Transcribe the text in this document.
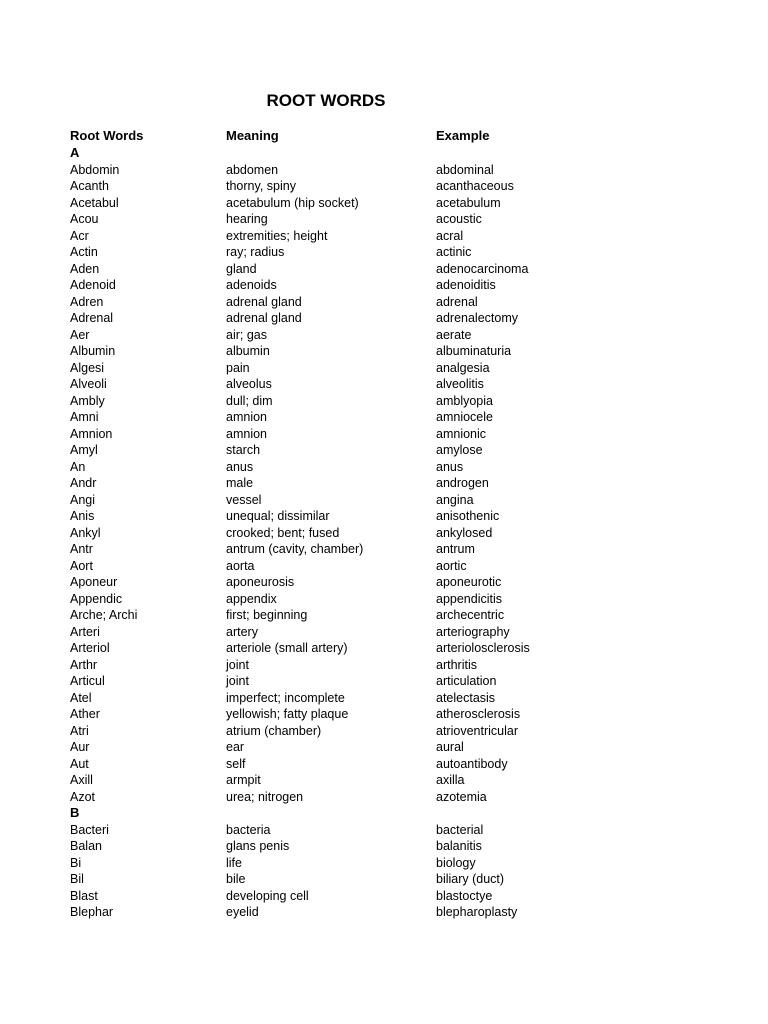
ROOT WORDS
Root Words	Meaning	Example
A
Abdomin	abdomen	abdominal
Acanth	thorny, spiny	acanthaceous
Acetabul	acetabulum (hip socket)	acetabulum
Acou	hearing	acoustic
Acr	extremities; height	acral
Actin	ray; radius	actinic
Aden	gland	adenocarcinoma
Adenoid	adenoids	adenoiditis
Adren	adrenal gland	adrenal
Adrenal	adrenal gland	adrenalectomy
Aer	air; gas	aerate
Albumin	albumin	albuminaturia
Algesi	pain	analgesia
Alveoli	alveolus	alveolitis
Ambly	dull; dim	amblyopia
Amni	amnion	amniocele
Amnion	amnion	amnionic
Amyl	starch	amylose
An	anus	anus
Andr	male	androgen
Angi	vessel	angina
Anis	unequal; dissimilar	anisothenic
Ankyl	crooked; bent; fused	ankylosed
Antr	antrum (cavity, chamber)	antrum
Aort	aorta	aortic
Aponeur	aponeurosis	aponeurotic
Appendic	appendix	appendicitis
Arche; Archi	first; beginning	archecentric
Arteri	artery	arteriography
Arteriol	arteriole (small artery)	arteriolosclerosis
Arthr	joint	arthritis
Articul	joint	articulation
Atel	imperfect; incomplete	atelectasis
Ather	yellowish; fatty plaque	atherosclerosis
Atri	atrium (chamber)	atrioventricular
Aur	ear	aural
Aut	self	autoantibody
Axill	armpit	axilla
Azot	urea; nitrogen	azotemia
B
Bacteri	bacteria	bacterial
Balan	glans penis	balanitis
Bi	life	biology
Bil	bile	biliary (duct)
Blast	developing cell	blastoctye
Blephar	eyelid	blepharoplasty
